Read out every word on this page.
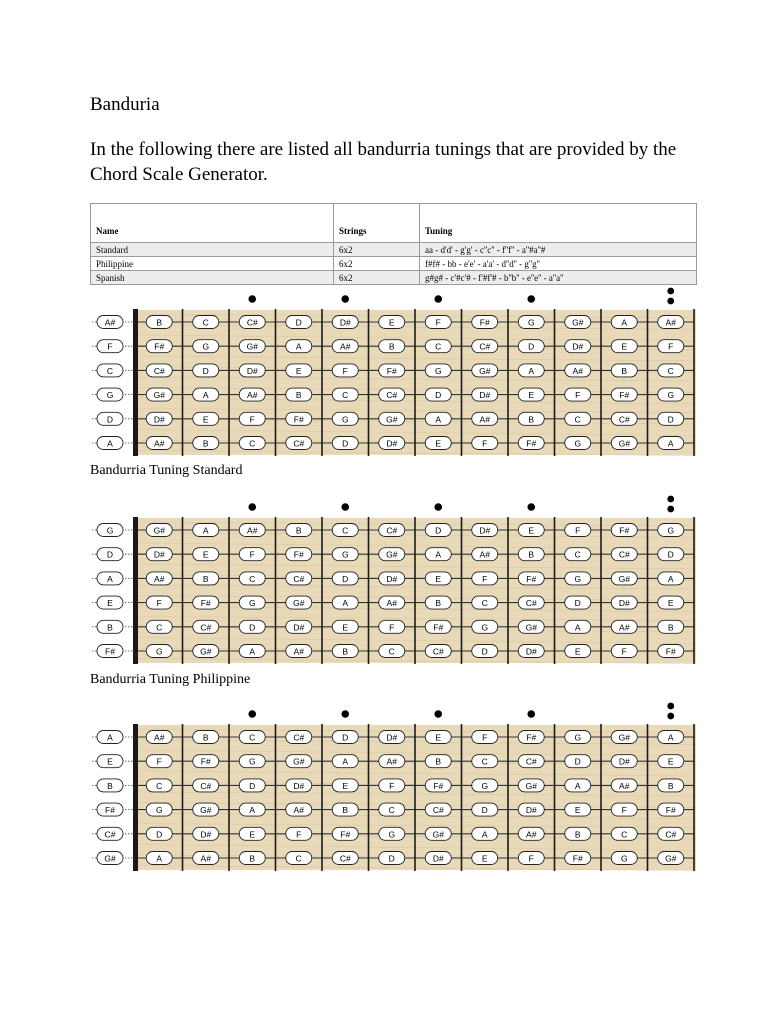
Banduria

In the following there are listed all bandurria tunings that are provided by the Chord Scale Generator.

Name	Strings	Tuning
Standard	6x2	aa - d'd' - g'g' - c''c'' - f''f'' - a''#a''#
Philippine	6x2	f#f# - bb - e'e' - a'a' - d''d'' - g''g''
Spanish	6x2	g#g# - c'#c'# - f'#f'# - b''b'' - e''e'' - a''a''
A#	B	C	C#	D	D#	E	F	F#	G	G#	A	A#
F	F#	G	G#	A	A#	B	C	C#	D	D#	E	F
C	C#	D	D#	E	F	F#	G	G#	A	A#	B	C
G	G#	A	A#	B	C	C#	D	D#	E	F	F#	G
D	D#	E	F	F#	G	G#	A	A#	B	C	C#	D
A	A#	B	C	C#	D	D#	E	F	F#	G	G#	A
Bandurria Tuning Standard
G	G#	A	A#	B	C	C#	D	D#	E	F	F#	G
D	D#	E	F	F#	G	G#	A	A#	B	C	C#	D
A	A#	B	C	C#	D	D#	E	F	F#	G	G#	A
E	F	F#	G	G#	A	A#	B	C	C#	D	D#	E
B	C	C#	D	D#	E	F	F#	G	G#	A	A#	B
F#	G	G#	A	A#	B	C	C#	D	D#	E	F	F#
Bandurria Tuning Philippine
A	A#	B	C	C#	D	D#	E	F	F#	G	G#	A
E	F	F#	G	G#	A	A#	B	C	C#	D	D#	E
B	C	C#	D	D#	E	F	F#	G	G#	A	A#	B
F#	G	G#	A	A#	B	C	C#	D	D#	E	F	F#
C#	D	D#	E	F	F#	G	G#	A	A#	B	C	C#
G#	A	A#	B	C	C#	D	D#	E	F	F#	G	G#
